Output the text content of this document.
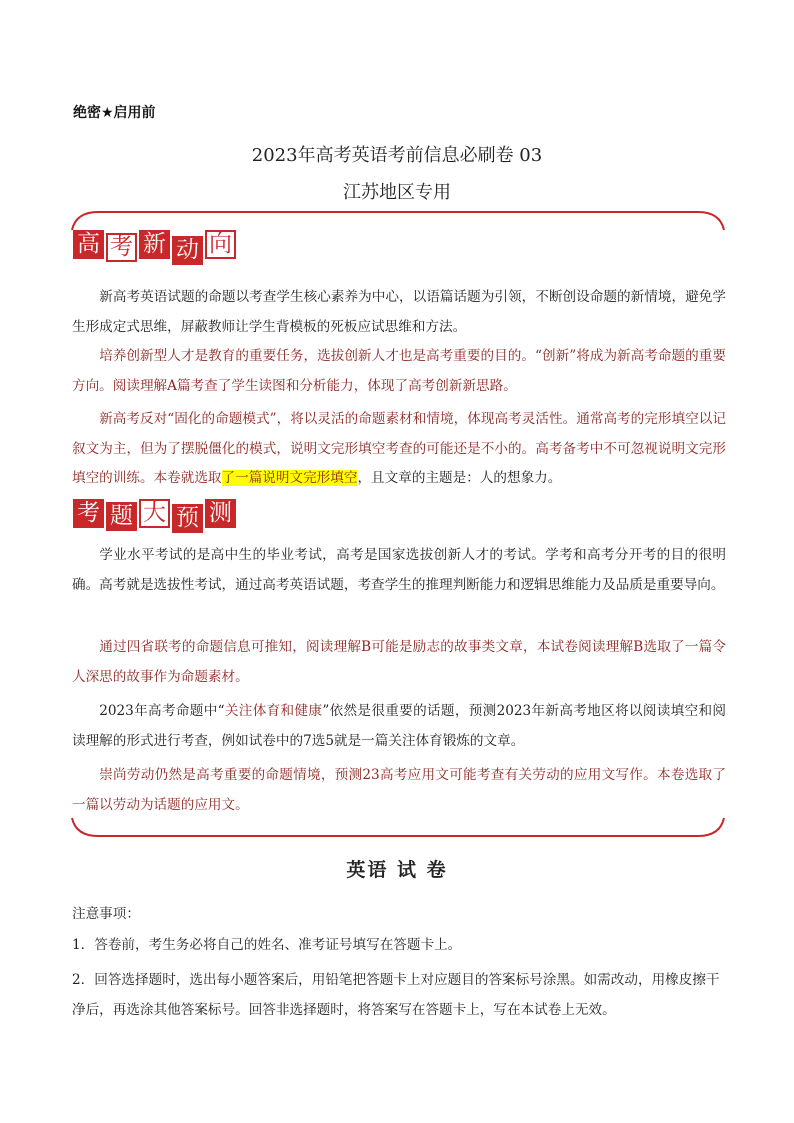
绝密★启用前
2023年高考英语考前信息必刷卷 03
江苏地区专用
高 考 新 动 向

新高考英语试题的命题以考查学生核心素养为中心，以语篇话题为引领，不断创设命题的新情境，避免学生形成定式思维，屏蔽教师让学生背模板的死板应试思维和方法。

培养创新型人才是教育的重要任务，选拔创新人才也是高考重要的目的。“创新”将成为新高考命题的重要方向。阅读理解A篇考查了学生读图和分析能力，体现了高考创新新思路。

新高考反对“固化的命题模式”，将以灵活的命题素材和情境，体现高考灵活性。通常高考的完形填空以记叙文为主，但为了摆脱僵化的模式，说明文完形填空考查的可能还是不小的。高考备考中不可忽视说明文完形填空的训练。本卷就选取了一篇说明文完形填空，且文章的主题是：人的想象力。

考 题 大 预 测

学业水平考试的是高中生的毕业考试，高考是国家选拔创新人才的考试。学考和高考分开考的目的很明确。高考就是选拔性考试，通过高考英语试题，考查学生的推理判断能力和逻辑思维能力及品质是重要导向。

通过四省联考的命题信息可推知，阅读理解B可能是励志的故事类文章，本试卷阅读理解B选取了一篇令人深思的故事作为命题素材。

2023年高考命题中“关注体育和健康”依然是很重要的话题，预测2023年新高考地区将以阅读填空和阅读理解的形式进行考查，例如试卷中的7选5就是一篇关注体育锻炼的文章。

崇尚劳动仍然是高考重要的命题情境，预测23高考应用文可能考查有关劳动的应用文写作。本卷选取了一篇以劳动为话题的应用文。

英语 试 卷

注意事项：

1．答卷前，考生务必将自己的姓名、准考证号填写在答题卡上。

2．回答选择题时，选出每小题答案后，用铅笔把答题卡上对应题目的答案标号涂黑。如需改动，用橡皮擦干净后，再选涂其他答案标号。回答非选择题时，将答案写在答题卡上，写在本试卷上无效。
